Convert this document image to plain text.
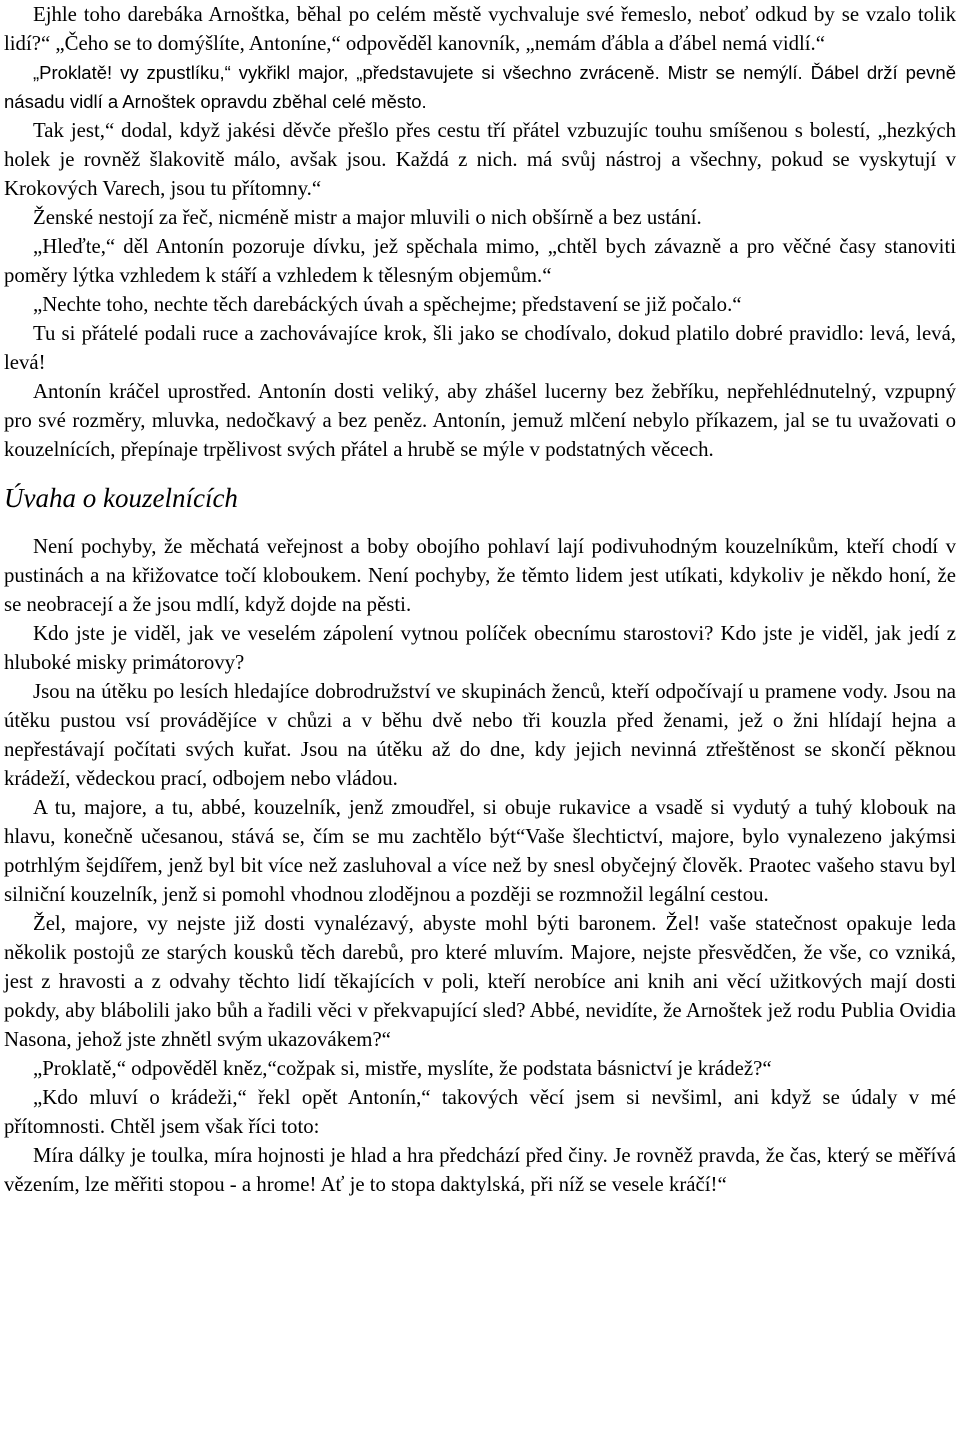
Ejhle toho darebáka Arnoštka, běhal po celém městě vychvaluje své řemeslo, neboť odkud by se vzalo tolik lidí?“ „Čeho se to domýšlíte, Antoníne,“ odpověděl kanovník, „nemám ďábla a ďábel nemá vidlí.“

„Proklatě! vy zpustlíku,“ vykřikl major, „představujete si všechno zvráceně. Mistr se nemýlí. Ďábel drží pevně násadu vidlí a Arnoštek opravdu zběhal celé město.

Tak jest,“ dodal, když jakési děvče přešlo přes cestu tří přátel vzbuzujíc touhu smíšenou s bolestí, „hezkých holek je rovněž šlakovitě málo, avšak jsou. Každá z nich. má svůj nástroj a všechny, pokud se vyskytují v Krokových Varech, jsou tu přítomny.“

Ženské nestojí za řeč, nicméně mistr a major mluvili o nich obšírně a bez ustání.

„Hleďte,“ děl Antonín pozoruje dívku, jež spěchala mimo, „chtěl bych závazně a pro věčné časy stanoviti poměry lýtka vzhledem k stáří a vzhledem k tělesným objemům.“

„Nechte toho, nechte těch darebáckých úvah a spěchejme; představení se již počalo.“

Tu si přátelé podali ruce a zachovávajíce krok, šli jako se chodívalo, dokud platilo dobré pravidlo: levá, levá, levá!

Antonín kráčel uprostřed. Antonín dosti veliký, aby zhášel lucerny bez žebříku, nepřehlédnutelný, vzpupný pro své rozměry, mluvka, nedočkavý a bez peněz. Antonín, jemuž mlčení nebylo příkazem, jal se tu uvažovati o kouzelnících, přepínaje trpělivost svých přátel a hrubě se mýle v podstatných věcech.

Úvaha o kouzelnících

Není pochyby, že měchatá veřejnost a boby obojího pohlaví lají podivuhodným kouzelníkům, kteří chodí v pustinách a na křižovatce točí kloboukem. Není pochyby, že těmto lidem jest utíkati, kdykoliv je někdo honí, že se neobracejí a že jsou mdlí, když dojde na pěsti.

Kdo jste je viděl, jak ve veselém zápolení vytnou políček obecnímu starostovi? Kdo jste je viděl, jak jedí z hluboké misky primátorovy?

Jsou na útěku po lesích hledajíce dobrodružství ve skupinách ženců, kteří odpočívají u pramene vody. Jsou na útěku pustou vsí provádějíce v chůzi a v běhu dvě nebo tři kouzla před ženami, jež o žni hlídají hejna a nepřestávají počítati svých kuřat. Jsou na útěku až do dne, kdy jejich nevinná ztřeštěnost se skončí pěknou krádeží, vědeckou prací, odbojem nebo vládou.

A tu, majore, a tu, abbé, kouzelník, jenž zmoudřel, si obuje rukavice a vsadě si vydutý a tuhý klobouk na hlavu, konečně učesanou, stává se, čím se mu zachtělo být“Vaše šlechtictví, majore, bylo vynalezeno jakýmsi potrhlým šejdířem, jenž byl bit více než zasluhoval a více než by snesl obyčejný člověk. Praotec vašeho stavu byl silniční kouzelník, jenž si pomohl vhodnou zlodějnou a později se rozmnožil legální cestou.

Žel, majore, vy nejste již dosti vynalézavý, abyste mohl býti baronem. Žel! vaše statečnost opakuje leda několik postojů ze starých kousků těch darebů, pro které mluvím. Majore, nejste přesvědčen, že vše, co vzniká, jest z hravosti a z odvahy těchto lidí těkajících v poli, kteří nerobíce ani knih ani věcí užitkových mají dosti pokdy, aby blábolili jako bůh a řadili věci v překvapující sled? Abbé, nevidíte, že Arnoštek jež rodu Publia Ovidia Nasona, jehož jste zhnětl svým ukazovákem?“

„Proklatě,“ odpověděl kněz,“cožpak si, mistře, myslíte, že podstata básnictví je krádež?“

„Kdo mluví o krádeži,“ řekl opět Antonín,“ takových věcí jsem si nevšiml, ani když se údaly v mé přítomnosti. Chtěl jsem však říci toto:

Míra dálky je toulka, míra hojnosti je hlad a hra předchází před činy. Je rovněž pravda, že čas, který se měřívá vězením, lze měřiti stopou - a hrome! Ať je to stopa daktylská, při níž se vesele kráčí!“
